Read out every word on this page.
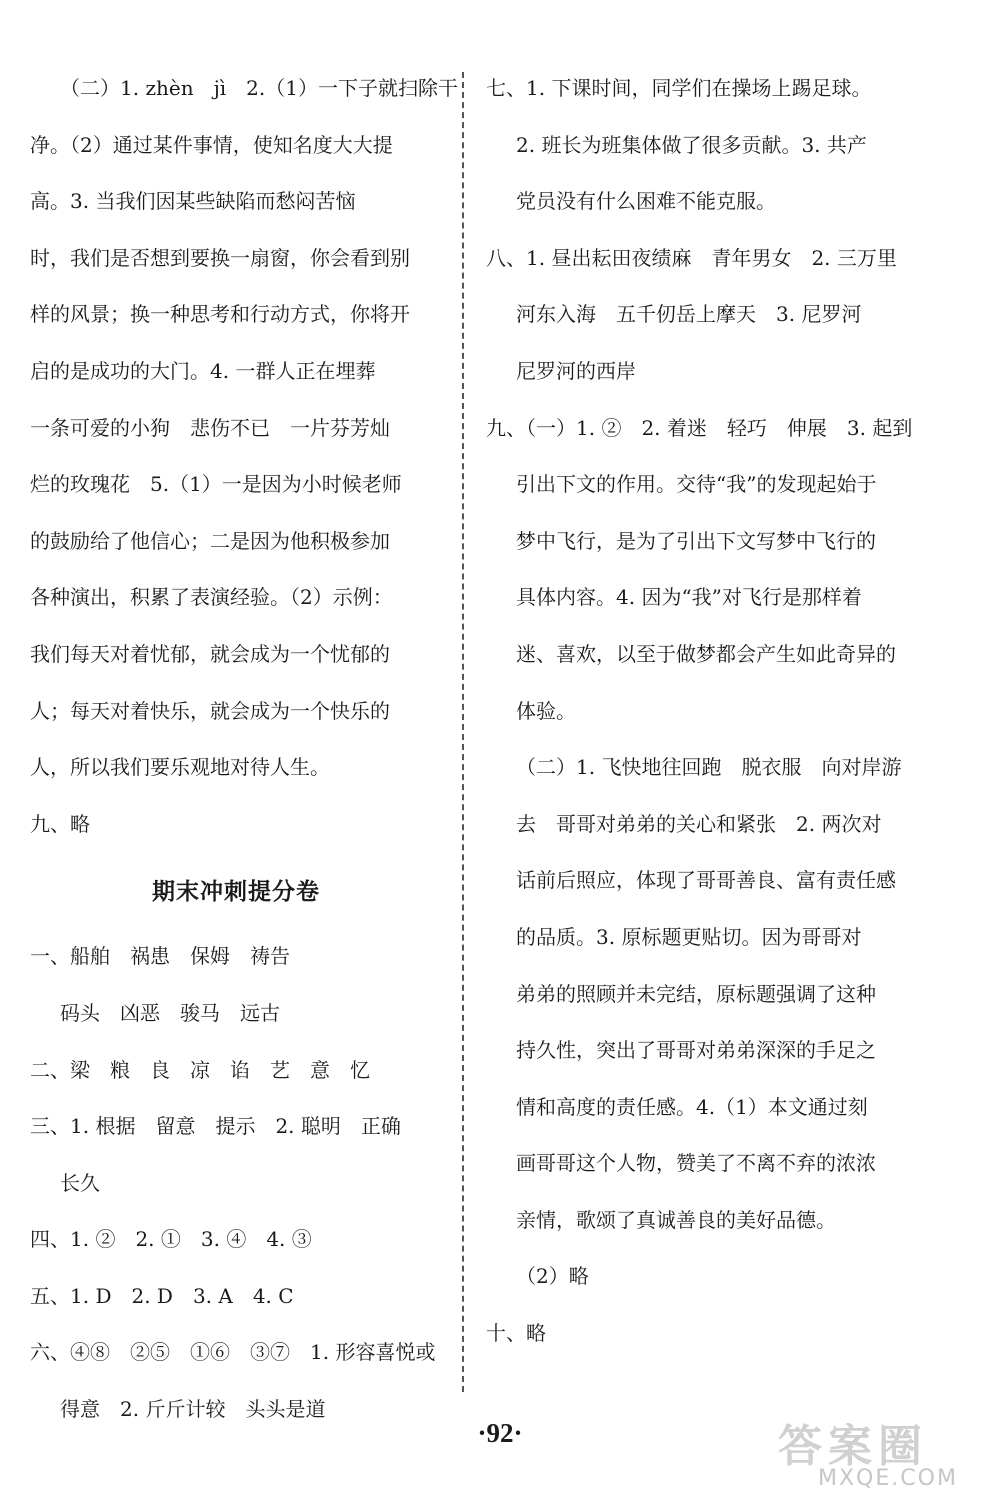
（二）1. zhèn　jì　2.（1）一下子就扫除干
净。（2）通过某件事情，使知名度大大提
高。3. 当我们因某些缺陷而愁闷苦恼
时，我们是否想到要换一扇窗，你会看到别
样的风景；换一种思考和行动方式，你将开
启的是成功的大门。4. 一群人正在埋葬
一条可爱的小狗　悲伤不已　一片芬芳灿
烂的玫瑰花　5.（1）一是因为小时候老师
的鼓励给了他信心；二是因为他积极参加
各种演出，积累了表演经验。（2）示例：
我们每天对着忧郁，就会成为一个忧郁的
人；每天对着快乐，就会成为一个快乐的
人，所以我们要乐观地对待人生。
九、略
期末冲刺提分卷
一、船舶　祸患　保姆　祷告
码头　凶恶　骏马　远古
二、梁　粮　良　凉　谄　艺　意　忆
三、1. 根据　留意　提示　2. 聪明　正确
长久
四、1. ②　2. ①　3. ④　4. ③
五、1. D　2. D　3. A　4. C
六、④⑧　②⑤　①⑥　③⑦　1. 形容喜悦或
得意　2. 斤斤计较　头头是道
七、1. 下课时间，同学们在操场上踢足球。
2. 班长为班集体做了很多贡献。3. 共产
党员没有什么困难不能克服。
八、1. 昼出耘田夜绩麻　青年男女　2. 三万里
河东入海　五千仞岳上摩天　3. 尼罗河
尼罗河的西岸
九、（一）1. ②　2. 着迷　轻巧　伸展　3. 起到
引出下文的作用。交待“我”的发现起始于
梦中飞行，是为了引出下文写梦中飞行的
具体内容。4. 因为“我”对飞行是那样着
迷、喜欢，以至于做梦都会产生如此奇异的
体验。
（二）1. 飞快地往回跑　脱衣服　向对岸游
去　哥哥对弟弟的关心和紧张　2. 两次对
话前后照应，体现了哥哥善良、富有责任感
的品质。3. 原标题更贴切。因为哥哥对
弟弟的照顾并未完结，原标题强调了这种
持久性，突出了哥哥对弟弟深深的手足之
情和高度的责任感。4.（1）本文通过刻
画哥哥这个人物，赞美了不离不弃的浓浓
亲情，歌颂了真诚善良的美好品德。
（2）略
十、略
·92·	答案圈
MXQE.COM
